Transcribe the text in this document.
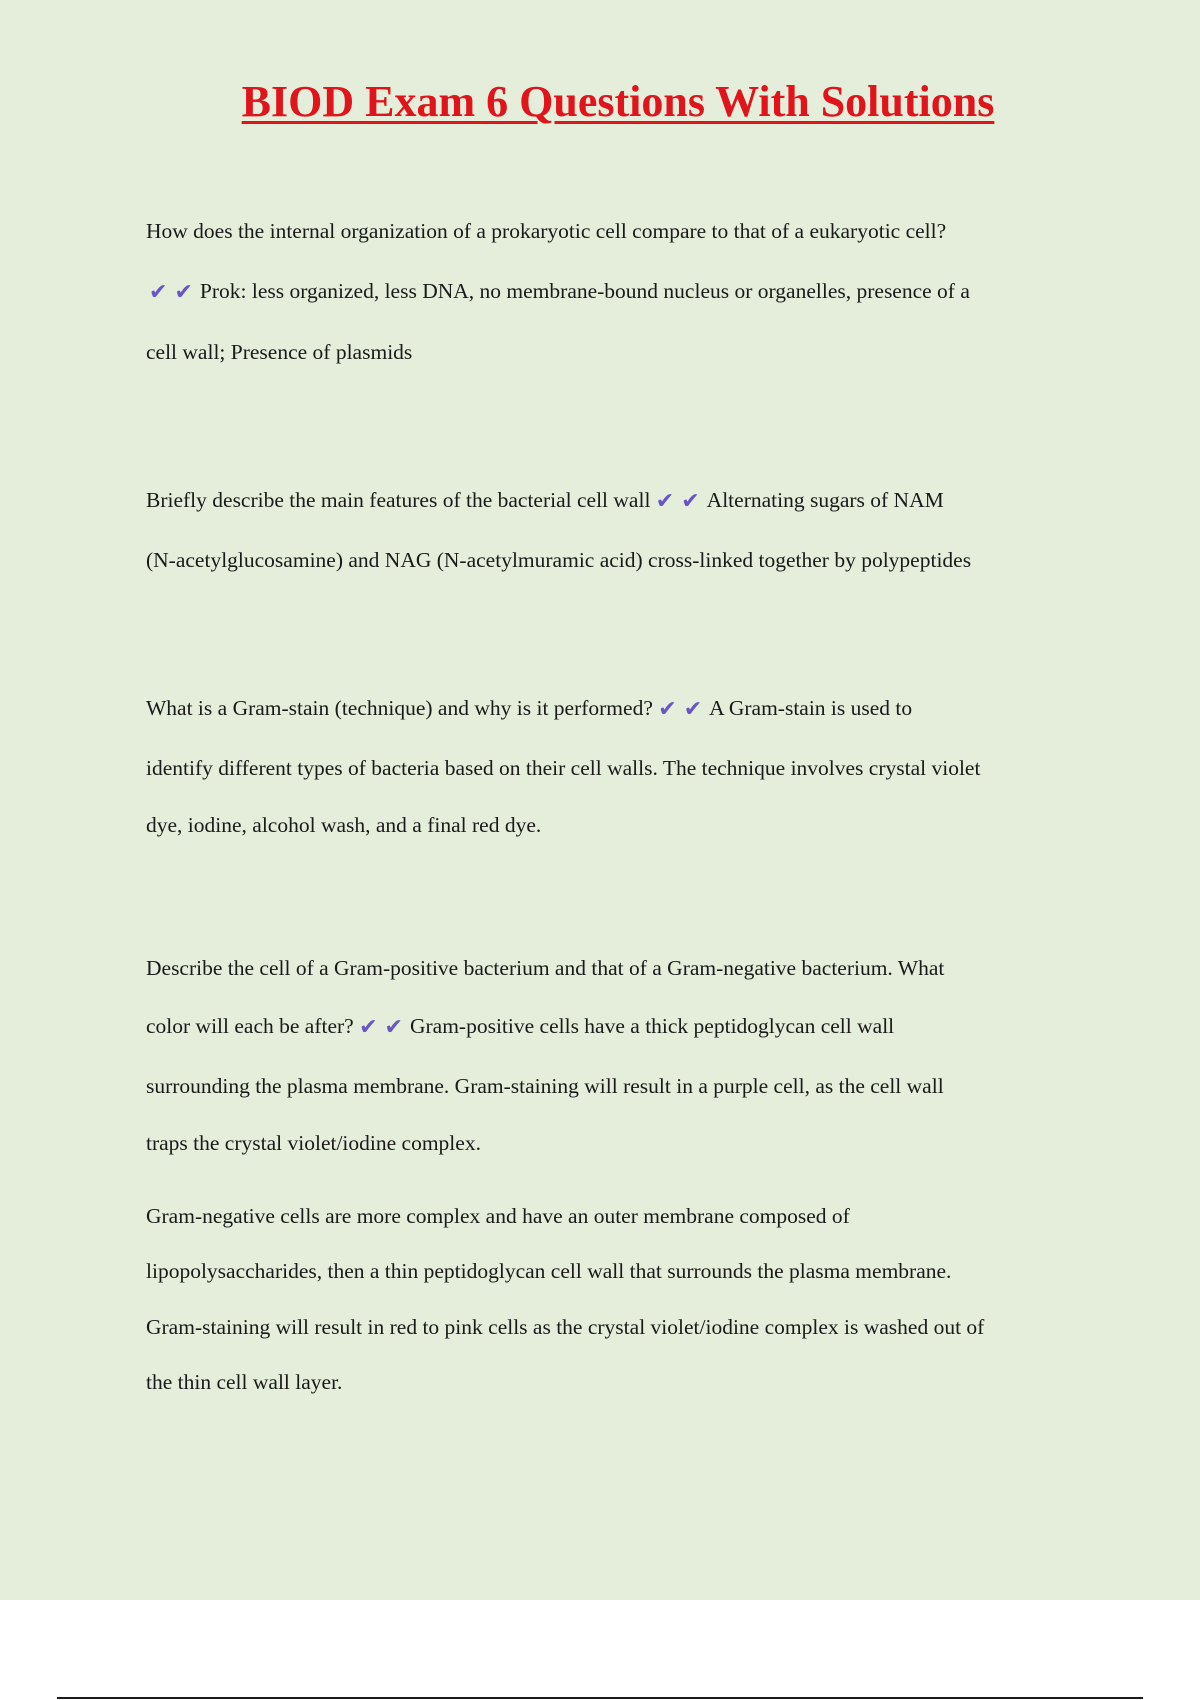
BIOD Exam 6 Questions With Solutions
How does the internal organization of a prokaryotic cell compare to that of a eukaryotic cell?
✔ ✔ Prok: less organized, less DNA, no membrane-bound nucleus or organelles, presence of a
cell wall; Presence of plasmids
Briefly describe the main features of the bacterial cell wall ✔ ✔ Alternating sugars of NAM
(N-acetylglucosamine) and NAG (N-acetylmuramic acid) cross-linked together by polypeptides
What is a Gram-stain (technique) and why is it performed? ✔ ✔ A Gram-stain is used to
identify different types of bacteria based on their cell walls. The technique involves crystal violet
dye, iodine, alcohol wash, and a final red dye.
Describe the cell of a Gram-positive bacterium and that of a Gram-negative bacterium. What
color will each be after? ✔ ✔ Gram-positive cells have a thick peptidoglycan cell wall
surrounding the plasma membrane. Gram-staining will result in a purple cell, as the cell wall
traps the crystal violet/iodine complex.
Gram-negative cells are more complex and have an outer membrane composed of
lipopolysaccharides, then a thin peptidoglycan cell wall that surrounds the plasma membrane.
Gram-staining will result in red to pink cells as the crystal violet/iodine complex is washed out of
the thin cell wall layer.
